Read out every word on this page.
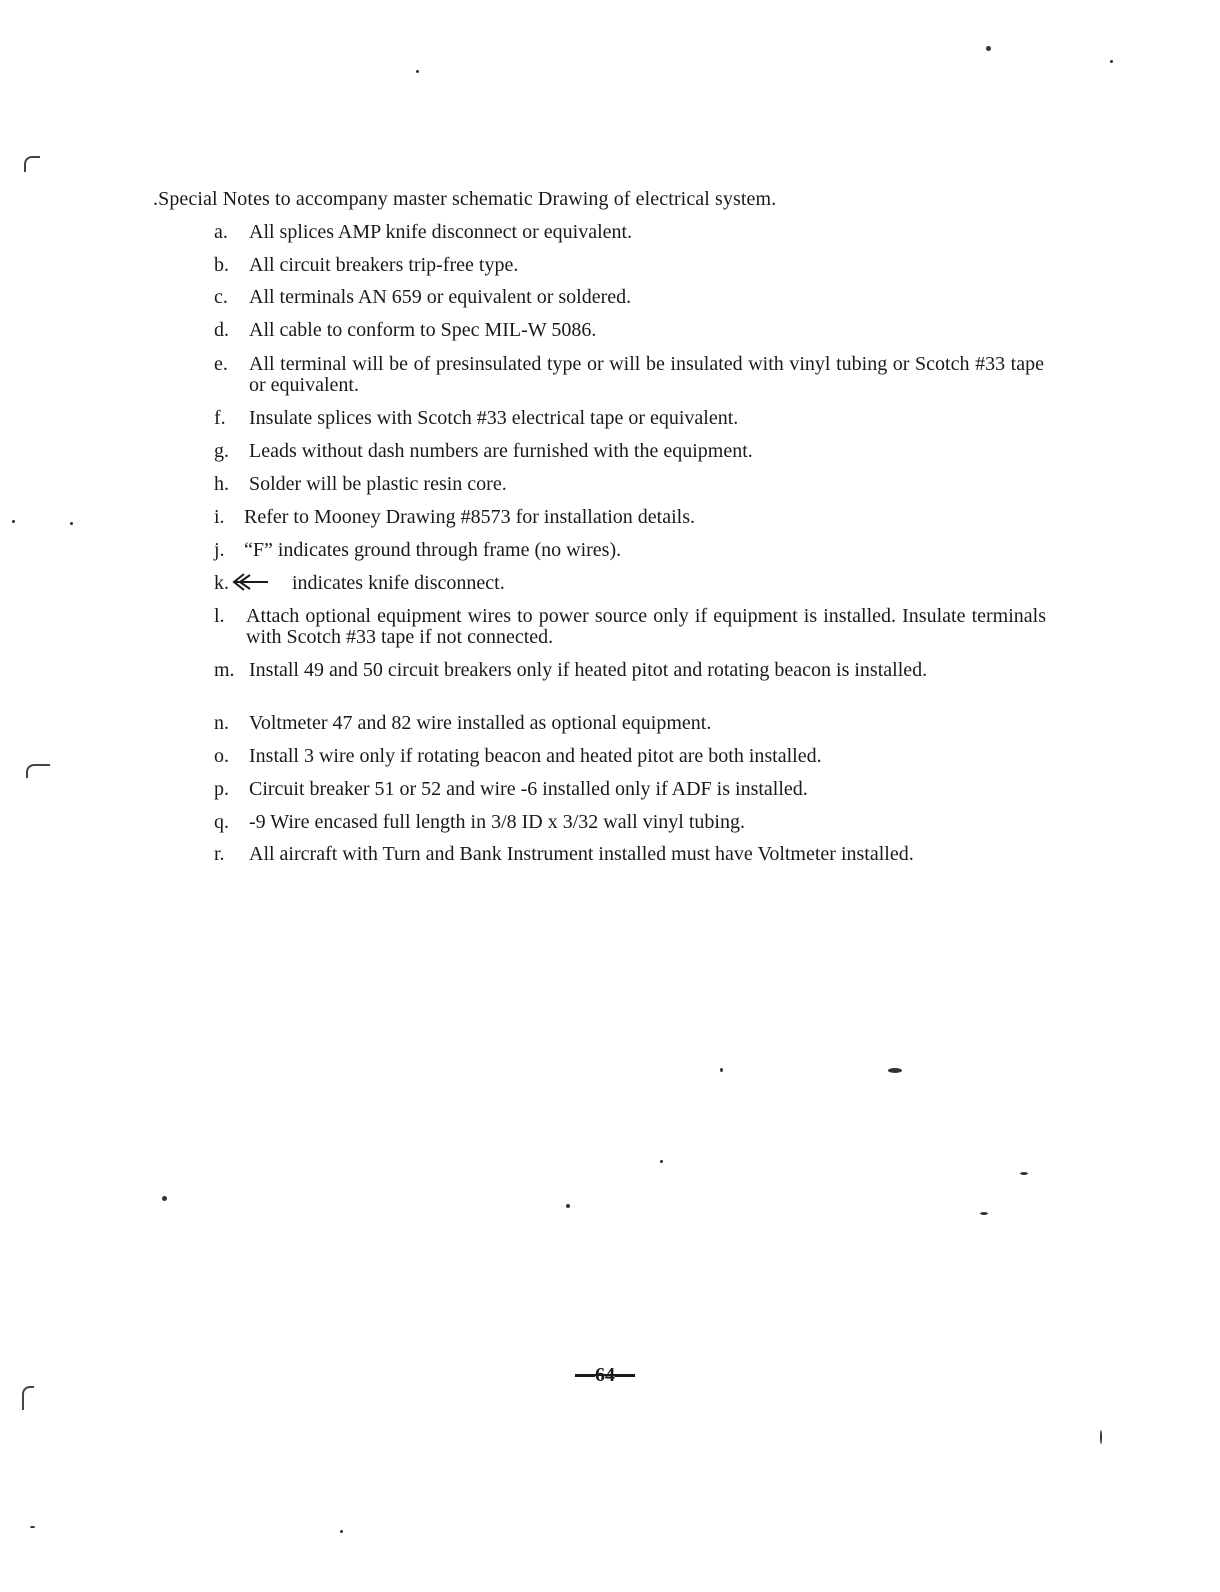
.Special Notes to accompany master schematic Drawing of electrical system.
a.	All splices AMP knife disconnect or equivalent.
b.	All circuit breakers trip-free type.
c.	All terminals AN 659 or equivalent or soldered.
d.	All cable to conform to Spec MIL-W 5086.
e.	All terminal will be of presinsulated type or will be insulated with vinyl tubing or Scotch #33 tape or equivalent.
f.	Insulate splices with Scotch #33 electrical tape or equivalent.
g.	Leads without dash numbers are furnished with the equipment.
h.	Solder will be plastic resin core.
i. Refer to Mooney Drawing #8573 for installation details.
j. “F” indicates ground through frame (no wires).
k.	indicates knife disconnect.
l.	Attach optional equipment wires to power source only if equipment is installed. Insulate terminals with Scotch #33 tape if not connected.
m. Install 49 and 50 circuit breakers only if heated pitot and rotating beacon is installed.
n.	Voltmeter 47 and 82 wire installed as optional equipment.
o.	Install 3 wire only if rotating beacon and heated pitot are both installed.
p.	Circuit breaker 51 or 52 and wire -6 installed only if ADF is installed.
q.	-9 Wire encased full length in 3/8 ID x 3/32 wall vinyl tubing.
r.	All aircraft with Turn and Bank Instrument installed must have Voltmeter installed.
—64—
